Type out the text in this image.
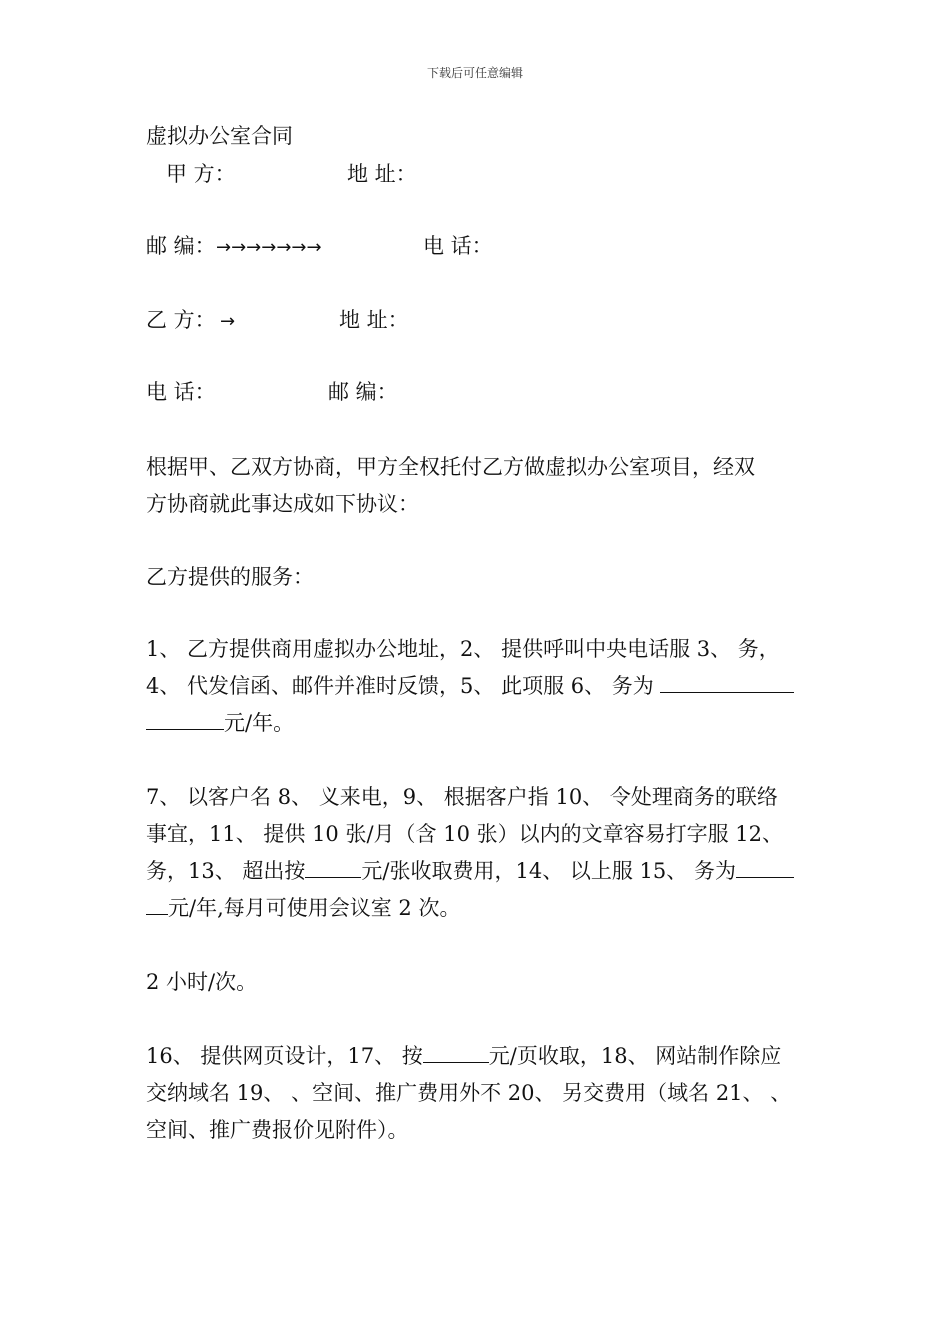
下载后可任意编辑
虚拟办公室合同
甲 方：	地 址：
邮 编： →→→→→→→	电 话：
乙 方： →	地 址：
电 话：	邮 编：
根据甲、乙双方协商，甲方全权托付乙方做虚拟办公室项目，经双
方协商就此事达成如下协议：
乙方提供的服务：
1、 乙方提供商用虚拟办公地址，2、 提供呼叫中央电话服 3、 务，
4、 代发信函、邮件并准时反馈，5、 此项服 6、 务为
元/年。
7、 以客户名 8、 义来电，9、 根据客户指 10、 令处理商务的联络
事宜，11、 提供 10 张/月（含 10 张）以内的文章容易打字服 12、
务，13、 超出按	元/张收取费用，14、 以上服 15、 务为
元/年,每月可使用会议室 2 次。
2 小时/次。
16、 提供网页设计，17、 按	元/页收取，18、 网站制作除应
交纳域名 19、 、空间、推广费用外不 20、 另交费用（域名 21、 、
空间、推广费报价见附件）。
